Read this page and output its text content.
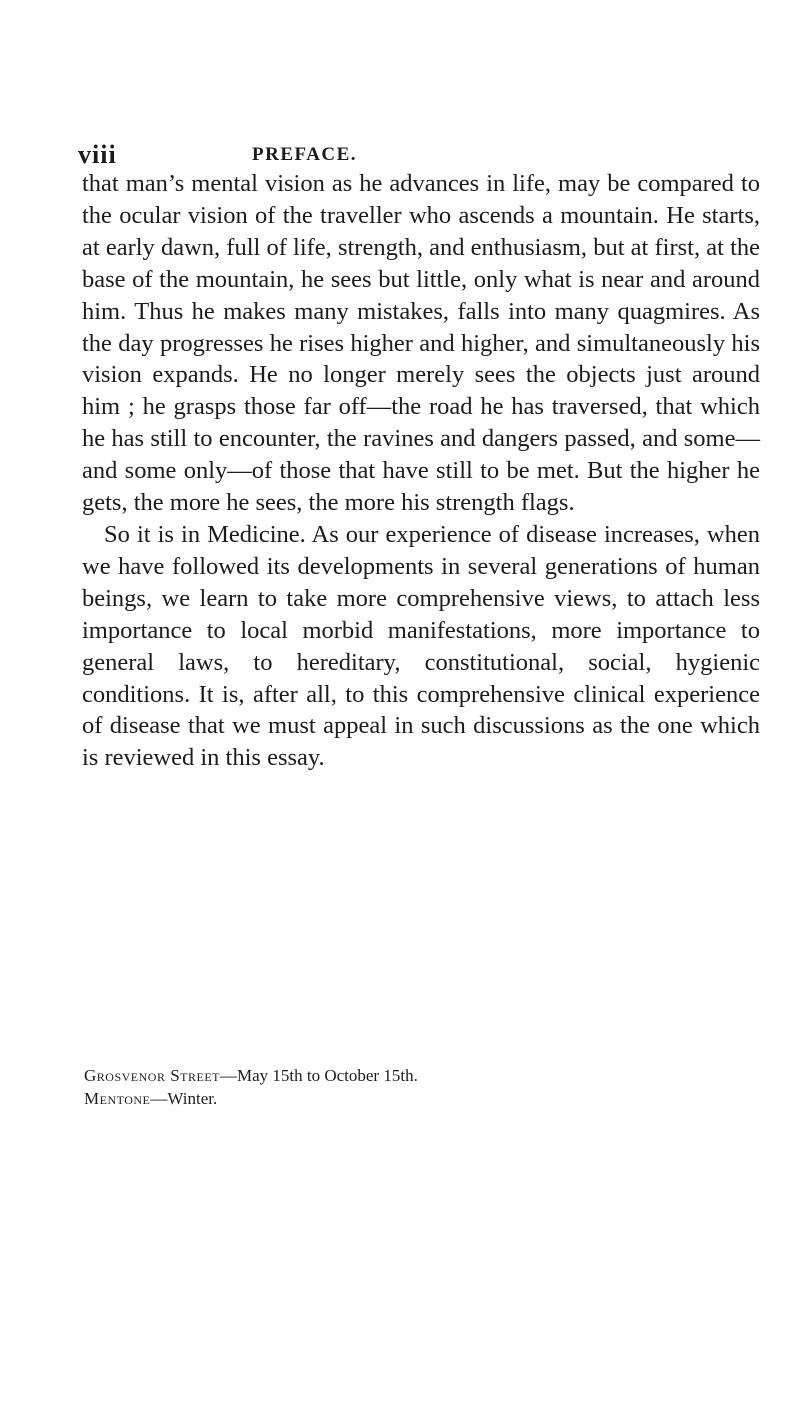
viii	PREFACE.

that man’s mental vision as he advances in life, may be compared to the ocular vision of the traveller who ascends a mountain. He starts, at early dawn, full of life, strength, and enthusiasm, but at first, at the base of the mountain, he sees but little, only what is near and around him. Thus he makes many mistakes, falls into many quagmires. As the day progresses he rises higher and higher, and simultaneously his vision expands. He no longer merely sees the objects just around him ; he grasps those far off—the road he has traversed, that which he has still to encounter, the ravines and dangers passed, and some—and some only—of those that have still to be met. But the higher he gets, the more he sees, the more his strength flags.

So it is in Medicine. As our experience of disease increases, when we have followed its developments in several generations of human beings, we learn to take more comprehensive views, to attach less importance to local morbid manifestations, more importance to general laws, to hereditary, constitutional, social, hygienic conditions. It is, after all, to this comprehensive clinical experience of disease that we must appeal in such discussions as the one which is reviewed in this essay.

Grosvenor Street—May 15th to October 15th.
Mentone—Winter.
